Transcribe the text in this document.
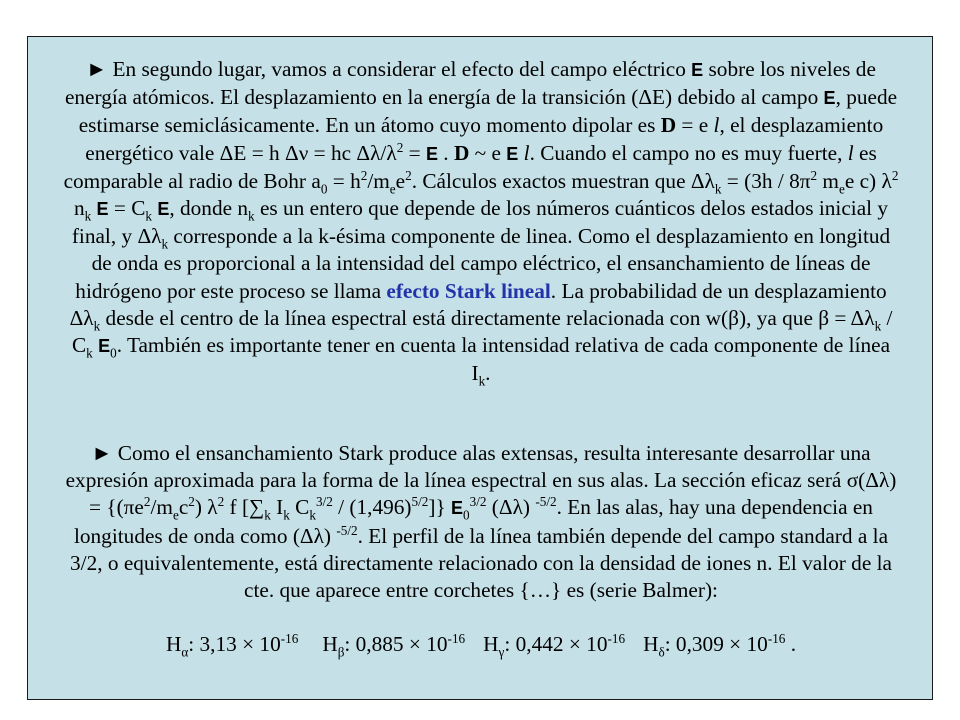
► En segundo lugar, vamos a considerar el efecto del campo eléctrico E sobre los niveles de energía atómicos. El desplazamiento en la energía de la transición (ΔE) debido al campo E, puede estimarse semiclásicamente. En un átomo cuyo momento dipolar es D = e l, el desplazamiento energético vale ΔE = h Δν = hc $\Delta\lambda/\lambda^2 = E$ . D ~ e E l. Cuando el campo no es muy fuerte, l es comparable al radio de Bohr $a_0 = h^2/m_ee^2$. Cálculos exactos muestran que $\Delta\lambda_k = (3h / 8\pi^2$ $m_ee$ c) $\lambda^2$ $n_k$ $E = C_k$ E, donde $n_k$ es un entero que depende de los números cuánticos delos estados inicial y final, y $\Delta\lambda_k$ corresponde a la k-ésima componente de linea. Como el desplazamiento en longitud de onda es proporcional a la intensidad del campo eléctrico, el ensanchamiento de líneas de hidrógeno por este proceso se llama efecto Stark lineal. La probabilidad de un desplazamiento $\Delta\lambda_k$ desde el centro de la línea espectral está directamente relacionada con w(β), ya que $\beta = \Delta\lambda_k / C_k$ $E_0$. También es importante tener en cuenta la intensidad relativa de cada componente de línea $I_k$.
► Como el ensanchamiento Stark produce alas extensas, resulta interesante desarrollar una expresión aproximada para la forma de la línea espectral en sus alas. La sección eficaz será $\sigma(\Delta\lambda) = \{(\pi e^2/m_ec^2)$ $\lambda^2$ f [$\sum_k$ $I_k$ $C_k^{3/2} / (1,496)^{5/2}$]} $E_0^{3/2}$ (Δλ) $^{-5/2}$. En las alas, hay una dependencia en longitudes de onda como (Δλ) $^{-5/2}$. El perfil de la línea también depende del campo standard a la 3/2, o equivalentemente, está directamente relacionado con la densidad de iones n. El valor de la cte. que aparece entre corchetes {…} es (serie Balmer):
$H_\alpha$: $3,13 \times 10^{-16}$ $H_\beta$: $0,885 \times 10^{-16}$ $H_\gamma$: $0,442 \times 10^{-16}$ $H_\delta$: $0,309 \times 10^{-16}$ .
